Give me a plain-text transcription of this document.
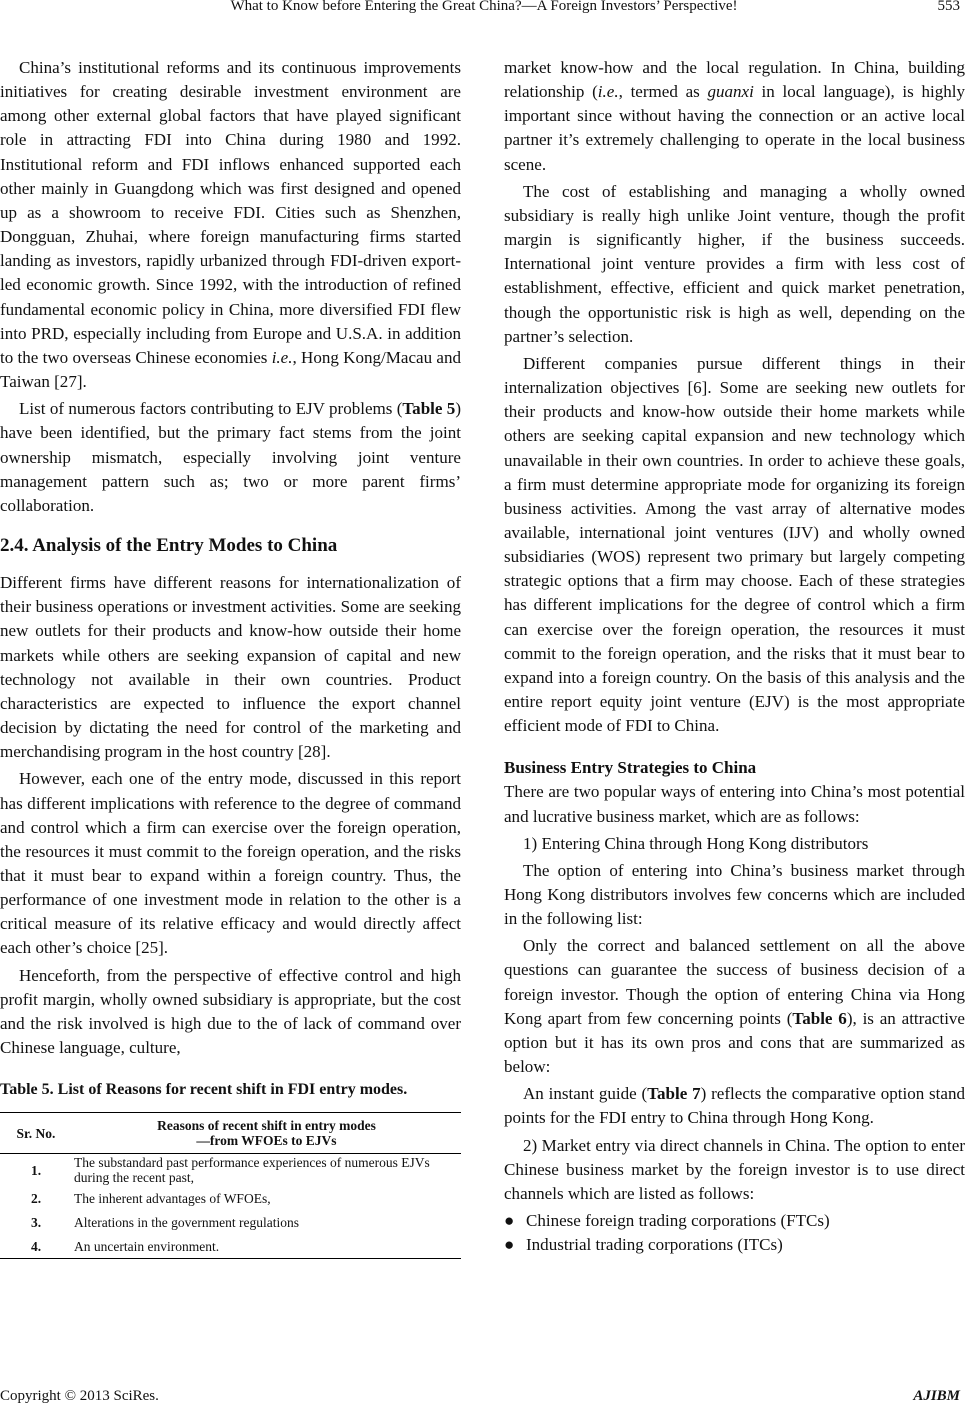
What to Know before Entering the Great China?—A Foreign Investors’ Perspective!	553

China’s institutional reforms and its continuous improvements initiatives for creating desirable investment environment are among other external global factors that have played significant role in attracting FDI into China during 1980 and 1992. Institutional reform and FDI inflows enhanced supported each other mainly in Guangdong which was first designed and opened up as a showroom to receive FDI. Cities such as Shenzhen, Dongguan, Zhuhai, where foreign manufacturing firms started landing as investors, rapidly urbanized through FDI-driven export-led economic growth. Since 1992, with the introduction of refined fundamental economic policy in China, more diversified FDI flew into PRD, especially including from Europe and U.S.A. in addition to the two overseas Chinese economies i.e., Hong Kong/Macau and Taiwan [27].

List of numerous factors contributing to EJV problems (Table 5) have been identified, but the primary fact stems from the joint ownership mismatch, especially involving joint venture management pattern such as; two or more parent firms’ collaboration.

2.4. Analysis of the Entry Modes to China

Different firms have different reasons for internationalization of their business operations or investment activities. Some are seeking new outlets for their products and know-how outside their home markets while others are seeking expansion of capital and new technology not available in their own countries. Product characteristics are expected to influence the export channel decision by dictating the need for control of the marketing and merchandising program in the host country [28].

However, each one of the entry mode, discussed in this report has different implications with reference to the degree of command and control which a firm can exercise over the foreign operation, the resources it must commit to the foreign operation, and the risks that it must bear to expand within a foreign country. Thus, the performance of one investment mode in relation to the other is a critical measure of its relative efficacy and would directly affect each other’s choice [25].

Henceforth, from the perspective of effective control and high profit margin, wholly owned subsidiary is appropriate, but the cost and the risk involved is high due to the of lack of command over Chinese language, culture,

Table 5. List of Reasons for recent shift in FDI entry modes.
Sr. No.	Reasons of recent shift in entry modes
—from WFOEs to EJVs

1.	The substandard past performance experiences of numerous EJVs during the recent past,
2.	The inherent advantages of WFOEs,
3.	Alterations in the government regulations
4.	An uncertain environment.

market know-how and the local regulation. In China, building relationship (i.e., termed as guanxi in local language), is highly important since without having the connection or an active local partner it’s extremely challenging to operate in the local business scene.

The cost of establishing and managing a wholly owned subsidiary is really high unlike Joint venture, though the profit margin is significantly higher, if the business succeeds. International joint venture provides a firm with less cost of establishment, effective, efficient and quick market penetration, though the opportunistic risk is high as well, depending on the partner’s selection.

Different companies pursue different things in their internalization objectives [6]. Some are seeking new outlets for their products and know-how outside their home markets while others are seeking capital expansion and new technology which unavailable in their own countries. In order to achieve these goals, a firm must determine appropriate mode for organizing its foreign business activities. Among the vast array of alternative modes available, international joint ventures (IJV) and wholly owned subsidiaries (WOS) represent two primary but largely competing strategic options that a firm may choose. Each of these strategies has different implications for the degree of control which a firm can exercise over the foreign operation, the resources it must commit to the foreign operation, and the risks that it must bear to expand into a foreign country. On the basis of this analysis and the entire report equity joint venture (EJV) is the most appropriate efficient mode of FDI to China.

Business Entry Strategies to China

There are two popular ways of entering into China’s most potential and lucrative business market, which are as follows:

1) Entering China through Hong Kong distributors

The option of entering into China’s business market through Hong Kong distributors involves few concerns which are included in the following list:

Only the correct and balanced settlement on all the above questions can guarantee the success of business decision of a foreign investor. Though the option of entering China via Hong Kong apart from few concerning points (Table 6), is an attractive option but it has its own pros and cons that are summarized as below:

An instant guide (Table 7) reflects the comparative option stand points for the FDI entry to China through Hong Kong.

2) Market entry via direct channels in China. The option to enter Chinese business market by the foreign investor is to use direct channels which are listed as follows:

● Chinese foreign trading corporations (FTCs)

● Industrial trading corporations (ITCs)

Copyright © 2013 SciRes.	AJIBM
